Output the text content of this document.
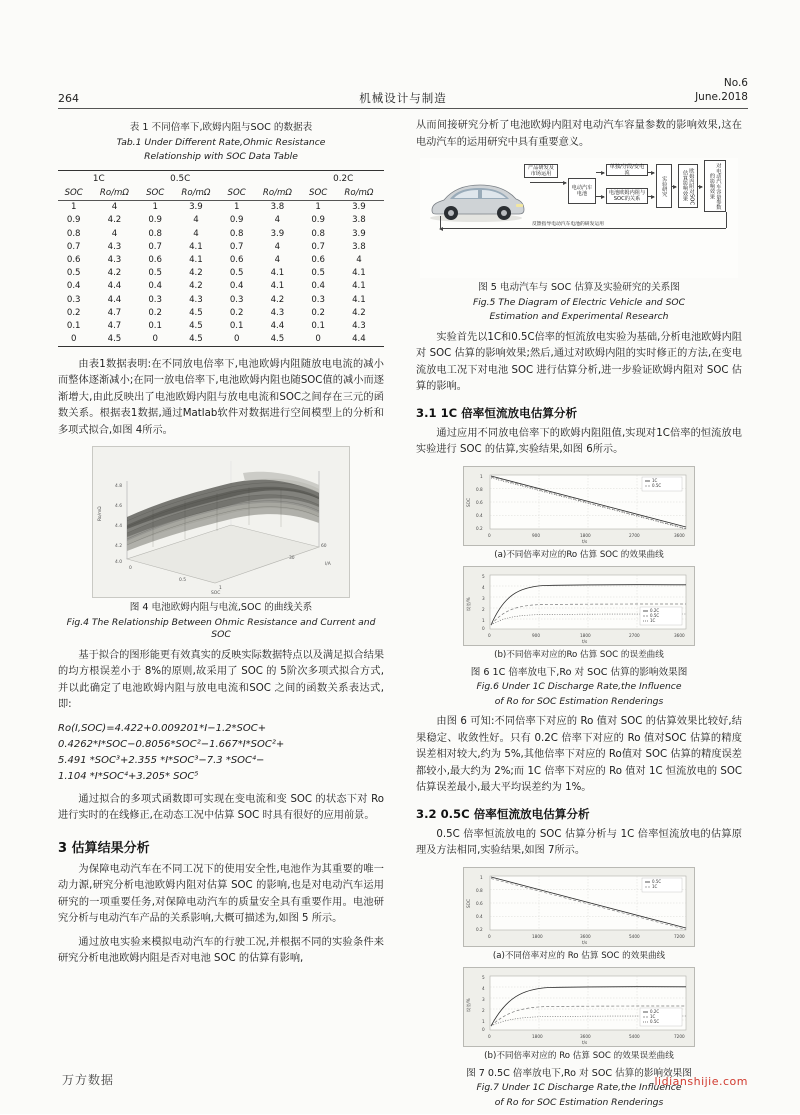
264	机械设计与制造
No.6
June.2018
表 1 不同倍率下,欧姆内阻与SOC 的数据表
Tab.1 Under Different Rate,Ohmic Resistance
Relationship with SOC Data Table
1C		0.5C				0.2C	
SOC	Ro/mΩ	SOC	Ro/mΩ	SOC	Ro/mΩ	SOC	Ro/mΩ
1	4	1	3.9	1	3.8	1	3.9
0.9	4.2	0.9	4	0.9	4	0.9	3.8
0.8	4	0.8	4	0.8	3.9	0.8	3.9
0.7	4.3	0.7	4.1	0.7	4	0.7	3.8
0.6	4.3	0.6	4.1	0.6	4	0.6	4
0.5	4.2	0.5	4.2	0.5	4.1	0.5	4.1
0.4	4.4	0.4	4.2	0.4	4.1	0.4	4.1
0.3	4.4	0.3	4.3	0.3	4.2	0.3	4.1
0.2	4.7	0.2	4.5	0.2	4.3	0.2	4.2
0.1	4.7	0.1	4.5	0.1	4.4	0.1	4.3
0	4.5	0	4.5	0	4.5	0	4.4

由表1数据表明:在不同放电倍率下,电池欧姆内阻随放电电流的减小而整体逐渐减小;在同一放电倍率下,电池欧姆内阻也随SOC值的减小而逐渐增大,由此反映出了电池欧姆内阻与放电电流和SOC之间存在三元的函数关系。根据表1数据,通过Matlab软件对数据进行空间模型上的分析和多项式拟合,如图 4所示。

4.8
4.6
4.4
4.2
4.0
0
0.5
1
30
60
SOC
I/A
Ro/mΩ
图 4 电池欧姆内阻与电流,SOC 的曲线关系
Fig.4 The Relationship Between Ohmic Resistance and Current and SOC

基于拟合的图形能更有效真实的反映实际数据特点以及满足拟合结果的均方根误差小于 8%的原则,故采用了 SOC 的 5阶次多项式拟合方式,并以此确定了电池欧姆内阻与放电电流和SOC 之间的函数关系表达式,即:

Ro(I,SOC)=4.422+0.009201*I−1.2*SOC+
0.4262*I*SOC−0.8056*SOC²−1.667*I*SOC²+
5.491 *SOC³+2.355 *I*SOC³−7.3 *SOC⁴−
1.104 *I*SOC⁴+3.205* SOC⁵

通过拟合的多项式函数即可实现在变电流和变 SOC 的状态下对 Ro 进行实时的在线修正,在动态工况中估算 SOC 时具有很好的应用前景。

3 估算结果分析

为保障电动汽车在不同工况下的使用安全性,电池作为其重要的唯一动力源,研究分析电池欧姆内阻对估算 SOC 的影响,也是对电动汽车运用研究的一项重要任务,对保障电动汽车的质量安全具有重要作用。电池研究分析与电动汽车产品的关系影响,大概可描述为,如图 5 所示。

通过放电实验来模拟电动汽车的行驶工况,并根据不同的实验条件来研究分析电池欧姆内阻是否对电池 SOC 的估算有影响,

从而间接研究分析了电池欧姆内阻对电动汽车容量参数的影响效果,这在电动汽车的运用研究中具有重要意义。

产品研发及市场运用
电动汽车
电池
单独/分段/变电流
电池欧姆内阻与SOC的关系
实验研究	欧姆内阻对SOC估算影响效果	对电动汽车容量参数的影响效果
反馈指导电动汽车电池的研发运用
图 5 电动汽车与 SOC 估算及实验研究的关系图
Fig.5 The Diagram of Electric Vehicle and SOC
Estimation and Experimental Research

实验首先以1C和0.5C倍率的恒流放电实验为基础,分析电池欧姆内阻对 SOC 估算的影响效果;然后,通过对欧姆内阻的实时修正的方法,在变电流放电工况下对电池 SOC 进行估算分析,进一步验证欧姆内阻对 SOC 估算的影响。

3.1 1C 倍率恒流放电估算分析

通过应用不同放电倍率下的欧姆内阻阻值,实现对1C倍率的恒流放电实验进行 SOC 的估算,实验结果,如图 6所示。

1
0.8
0.6
0.4
0.2
0	900	1800	2700	3600
SOC
t/s
1C
0.5C
(a)不同倍率对应的Ro 估算 SOC 的效果曲线
5
4
3
2
1
0
0	900	1800	2700	3600
误差/%
t/s
0.2C
0.5C
1C
(b)不同倍率对应的Ro 估算 SOC 的误差曲线
图 6 1C 倍率放电下,Ro 对 SOC 估算的影响效果图
Fig.6 Under 1C Discharge Rate,the Influence
of Ro for SOC Estimation Renderings

由图 6 可知:不同倍率下对应的 Ro 值对 SOC 的估算效果比较好,结果稳定、收敛性好。只有 0.2C 倍率下对应的 Ro 值对SOC 估算的精度误差相对较大,约为 5%,其他倍率下对应的 Ro值对 SOC 估算的精度误差都较小,最大约为 2%;而 1C 倍率下对应的 Ro 值对 1C 恒流放电的 SOC 估算误差最小,最大平均误差约为 1%。

3.2 0.5C 倍率恒流放电估算分析

0.5C 倍率恒流放电的 SOC 估算分析与 1C 倍率恒流放电的估算原理及方法相同,实验结果,如图 7所示。

1
0.8
0.6
0.4
0.2
0	1800	3600	5400	7200
SOC
t/s
0.5C
1C
(a)不同倍率对应的 Ro 估算 SOC 的效果曲线
5
4
3
2
1
0
0	1800	3600	5400	7200
误差/%
t/s
0.2C
1C
0.5C
(b)不同倍率对应的 Ro 估算 SOC 的效果误差曲线
图 7 0.5C 倍率放电下,Ro 对 SOC 估算的影响效果图
Fig.7 Under 1C Discharge Rate,the Influence
of Ro for SOC Estimation Renderings
万方数据	lidianshijie.com
